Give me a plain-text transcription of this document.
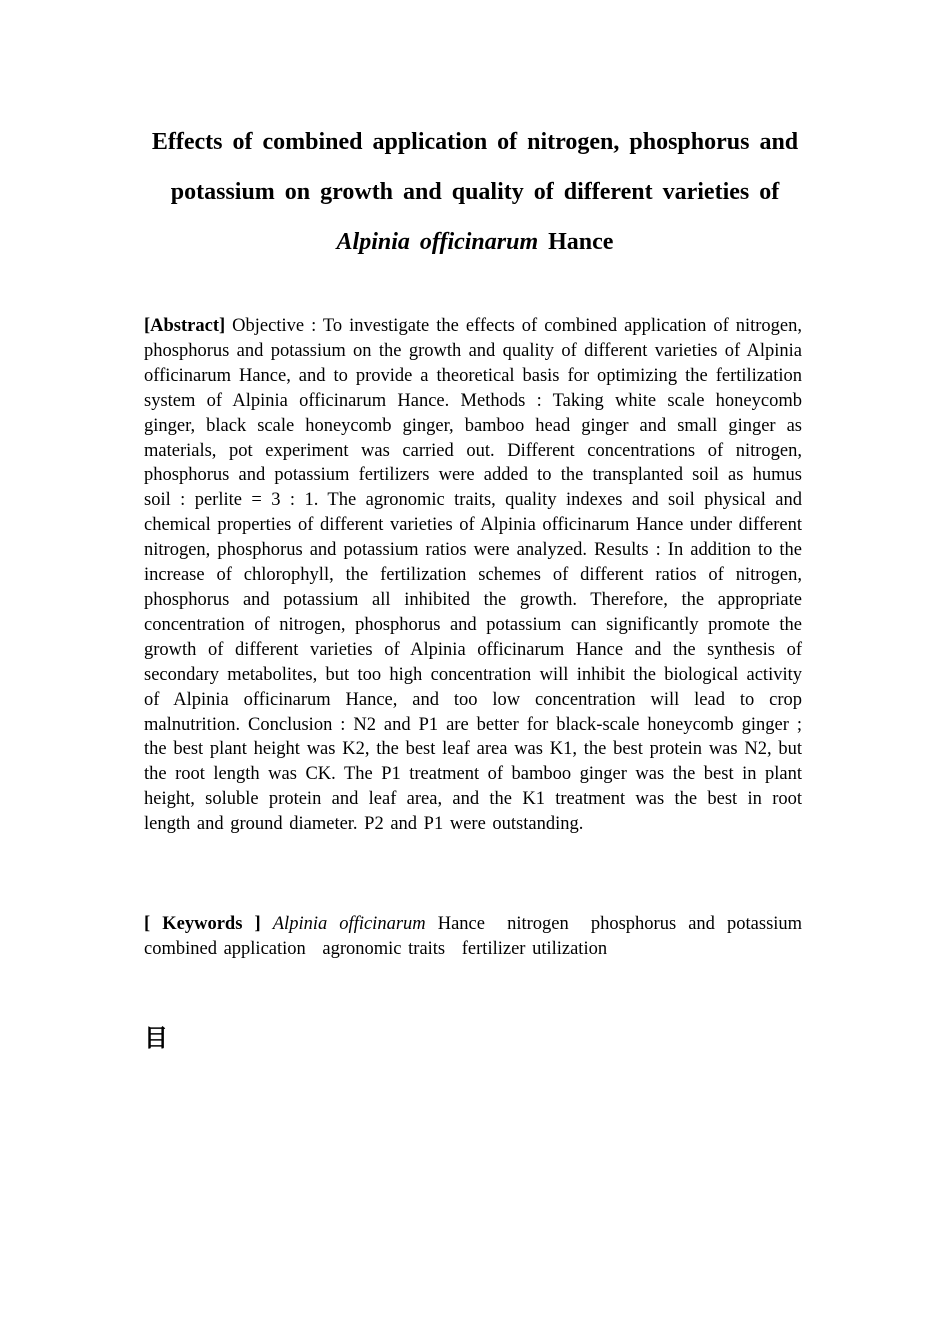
Effects of combined application of nitrogen, phosphorus and potassium on growth and quality of different varieties of Alpinia officinarum Hance

[Abstract] Objective : To investigate the effects of combined application of nitrogen, phosphorus and potassium on the growth and quality of different varieties of Alpinia officinarum Hance, and to provide a theoretical basis for optimizing the fertilization system of Alpinia officinarum Hance. Methods : Taking white scale honeycomb ginger, black scale honeycomb ginger, bamboo head ginger and small ginger as materials, pot experiment was carried out. Different concentrations of nitrogen, phosphorus and potassium fertilizers were added to the transplanted soil as humus soil : perlite = 3 : 1. The agronomic traits, quality indexes and soil physical and chemical properties of different varieties of Alpinia officinarum Hance under different nitrogen, phosphorus and potassium ratios were analyzed. Results : In addition to the increase of chlorophyll, the fertilization schemes of different ratios of nitrogen, phosphorus and potassium all inhibited the growth. Therefore, the appropriate concentration of nitrogen, phosphorus and potassium can significantly promote the growth of different varieties of Alpinia officinarum Hance and the synthesis of secondary metabolites, but too high concentration will inhibit the biological activity of Alpinia officinarum Hance, and too low concentration will lead to crop malnutrition. Conclusion : N2 and P1 are better for black-scale honeycomb ginger ; the best plant height was K2, the best leaf area was K1, the best protein was N2, but the root length was CK. The P1 treatment of bamboo ginger was the best in plant height, soluble protein and leaf area, and the K1 treatment was the best in root length and ground diameter. P2 and P1 were outstanding.

[ Keywords ] Alpinia officinarum Hance nitrogen phosphorus and potassium combined application agronomic traits fertilizer utilization

目
